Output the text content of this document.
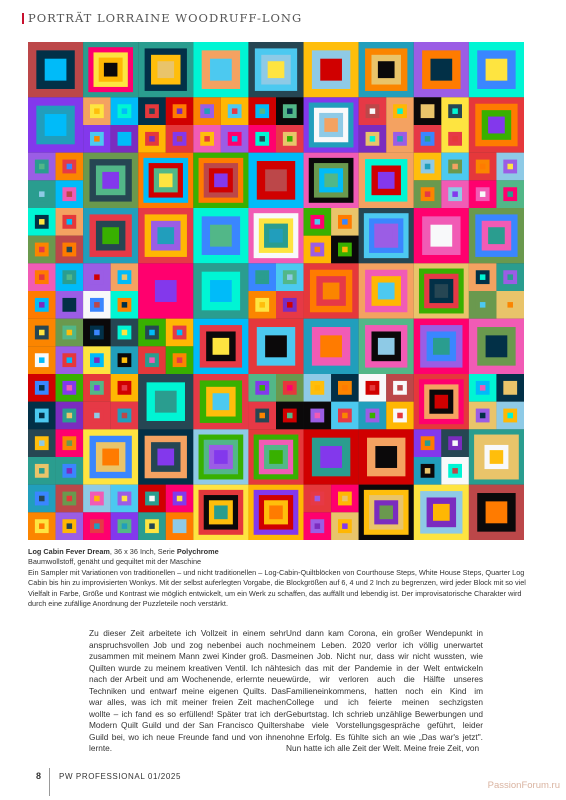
PORTRÄT LORRAINE WOODRUFF-LONG

Log Cabin Fever Dream, 36 x 36 Inch, Serie Polychrome

Baumwollstoff, genäht und gequiltet mit der Maschine

Ein Sampler mit Variationen von traditionellen – und nicht traditionellen – Log-Cabin-Quiltblöcken von Courthouse Steps, White House Steps, Quarter Log Cabin bis hin zu improvisierten Wonkys. Mit der selbst auferlegten Vorgabe, die Blockgrößen auf 6, 4 und 2 Inch zu begrenzen, wird jeder Block mit so viel Vielfalt in Farbe, Größe und Kontrast wie möglich entwickelt, um ein Werk zu schaffen, das auffällt und lebendig ist. Der improvisatorische Charakter wird durch eine zufällige Anordnung der Puzzleteile noch verstärkt.

Zu dieser Zeit arbeitete ich Vollzeit in einem sehr anspruchsvollen Job und zog nebenbei auch noch zusammen mit meinem Mann zwei Kinder groß. Das Quilten wurde zu meinem kreativen Ventil. Ich nähte nach der Arbeit und am Wochenende, erlernte neue Techniken und entwarf meine eigenen Quilts. Das war alles, was ich mit meiner freien Zeit machen wollte – ich fand es so erfüllend! Später trat ich der Modern Quilt Guild und der San Francisco Quilters Guild bei, wo ich neue Freunde fand und von ihnen lernte.

Und dann kam Corona, ein großer Wendepunkt in meinem Leben. 2020 verlor ich völlig unerwartet meinen Job. Nicht nur, dass wir nicht wussten, wie sich das mit der Pandemie in der Welt entwickeln würde, wir verloren auch die Hälfte unseres Familieneinkommens, hatten noch ein Kind im College und ich feierte meinen sechzigsten Geburtstag. Ich schrieb unzählige Bewerbungen und habe viele Vorstellungsgespräche geführt, leider ohne Erfolg. Es fühlte sich an wie „Das war's jetzt". Nun hatte ich alle Zeit der Welt. Meine freie Zeit, von

8 PW PROFESSIONAL 01/2025
PassionForum.ru
